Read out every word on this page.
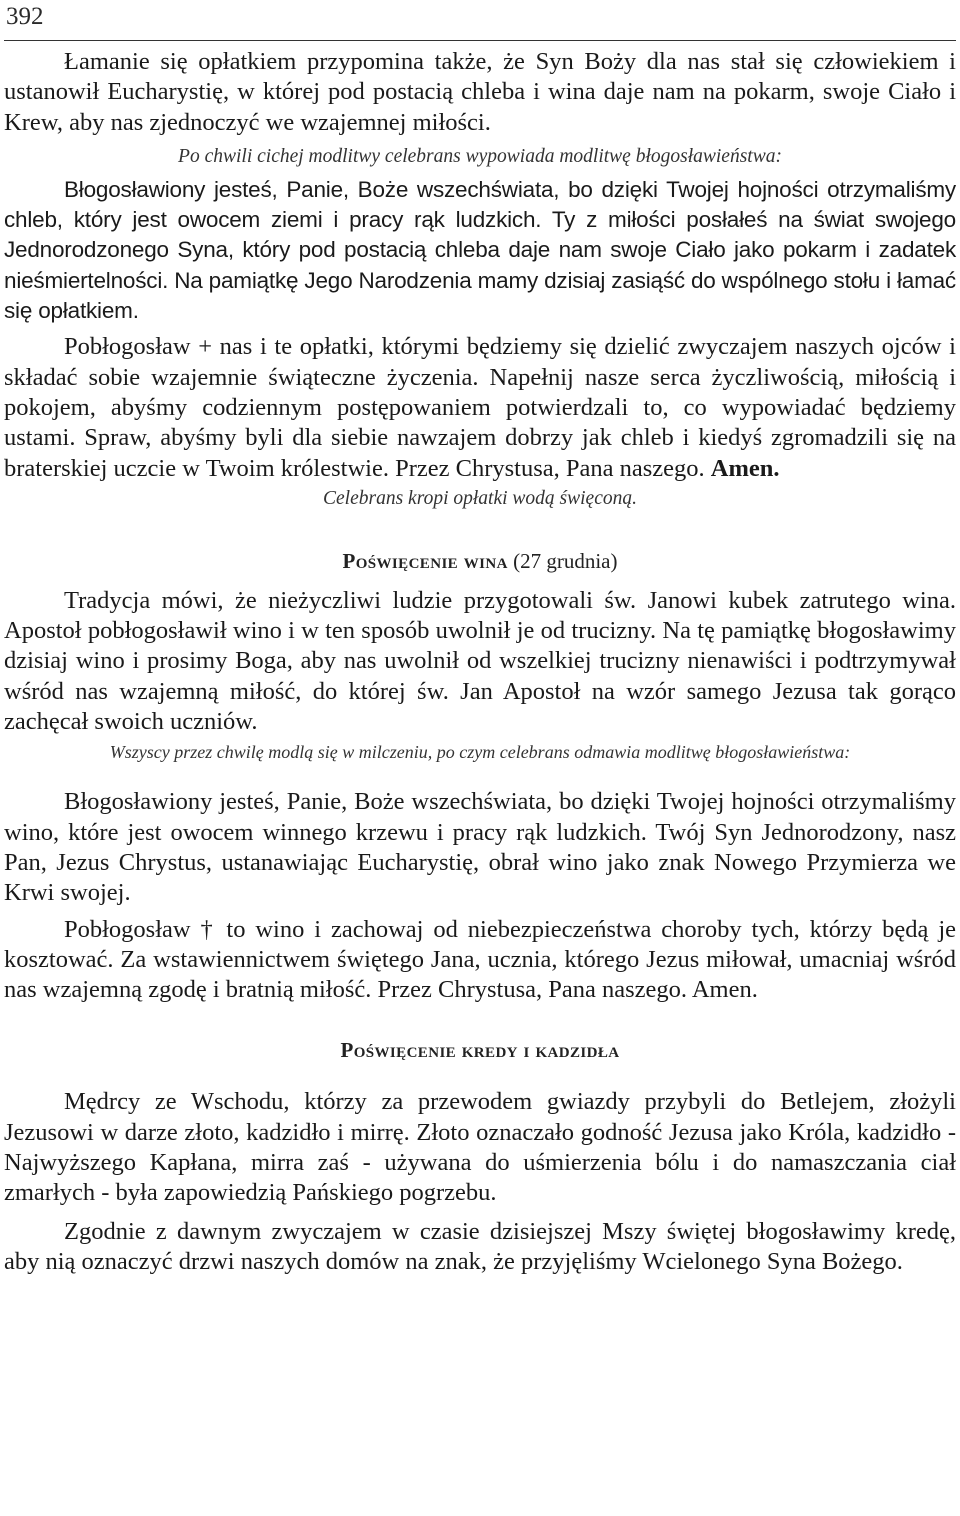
392

Łamanie się opłatkiem przypomina także, że Syn Boży dla nas stał się człowiekiem i ustanowił Eucharystię, w której pod postacią chleba i wina daje nam na pokarm, swoje Ciało i Krew, aby nas zjednoczyć we wzajemnej miłości.

Po chwili cichej modlitwy celebrans wypowiada modlitwę błogosławieństwa:

Błogosławiony jesteś, Panie, Boże wszechświata, bo dzięki Twojej hojności otrzymaliśmy chleb, który jest owocem ziemi i pracy rąk ludzkich. Ty z miłości posłałeś na świat swojego Jednorodzonego Syna, który pod postacią chleba daje nam swoje Ciało jako pokarm i zadatek nieśmiertelności. Na pamiątkę Jego Narodzenia mamy dzisiaj zasiąść do wspólnego stołu i łamać się opłatkiem.

Pobłogosław + nas i te opłatki, którymi będziemy się dzielić zwyczajem naszych ojców i składać sobie wzajemnie świąteczne życzenia. Napełnij nasze serca życzliwością, miłością i pokojem, abyśmy codziennym postępowaniem potwierdzali to, co wypowiadać będziemy ustami. Spraw, abyśmy byli dla siebie nawzajem dobrzy jak chleb i kiedyś zgromadzili się na braterskiej uczcie w Twoim królestwie. Przez Chrystusa, Pana naszego. Amen.

Celebrans kropi opłatki wodą święconą.

Poświęcenie wina (27 grudnia)

Tradycja mówi, że nieżyczliwi ludzie przygotowali św. Janowi kubek zatrutego wina. Apostoł pobłogosławił wino i w ten sposób uwolnił je od trucizny. Na tę pamiątkę błogosławimy dzisiaj wino i prosimy Boga, aby nas uwolnił od wszelkiej trucizny nienawiści i podtrzymywał wśród nas wzajemną miłość, do której św. Jan Apostoł na wzór samego Jezusa tak gorąco zachęcał swoich uczniów.

Wszyscy przez chwilę modlą się w milczeniu, po czym celebrans odmawia modlitwę błogosławieństwa:

Błogosławiony jesteś, Panie, Boże wszechświata, bo dzięki Twojej hojności otrzymaliśmy wino, które jest owocem winnego krzewu i pracy rąk ludzkich. Twój Syn Jednorodzony, nasz Pan, Jezus Chrystus, ustanawiając Eucharystię, obrał wino jako znak Nowego Przymierza we Krwi swojej.

Pobłogosław † to wino i zachowaj od niebezpieczeństwa choroby tych, którzy będą je kosztować. Za wstawiennictwem świętego Jana, ucznia, którego Jezus miłował, umacniaj wśród nas wzajemną zgodę i bratnią miłość. Przez Chrystusa, Pana naszego. Amen.

Poświęcenie kredy i kadzidła

Mędrcy ze Wschodu, którzy za przewodem gwiazdy przybyli do Betlejem, złożyli Jezusowi w darze złoto, kadzidło i mirrę. Złoto oznaczało godność Jezusa jako Króla, kadzidło - Najwyższego Kapłana, mirra zaś - używana do uśmierzenia bólu i do namaszczania ciał zmarłych - była zapowiedzią Pańskiego pogrzebu.

Zgodnie z dawnym zwyczajem w czasie dzisiejszej Mszy świętej błogosławimy kredę, aby nią oznaczyć drzwi naszych domów na znak, że przyjęliśmy Wcielonego Syna Bożego.
